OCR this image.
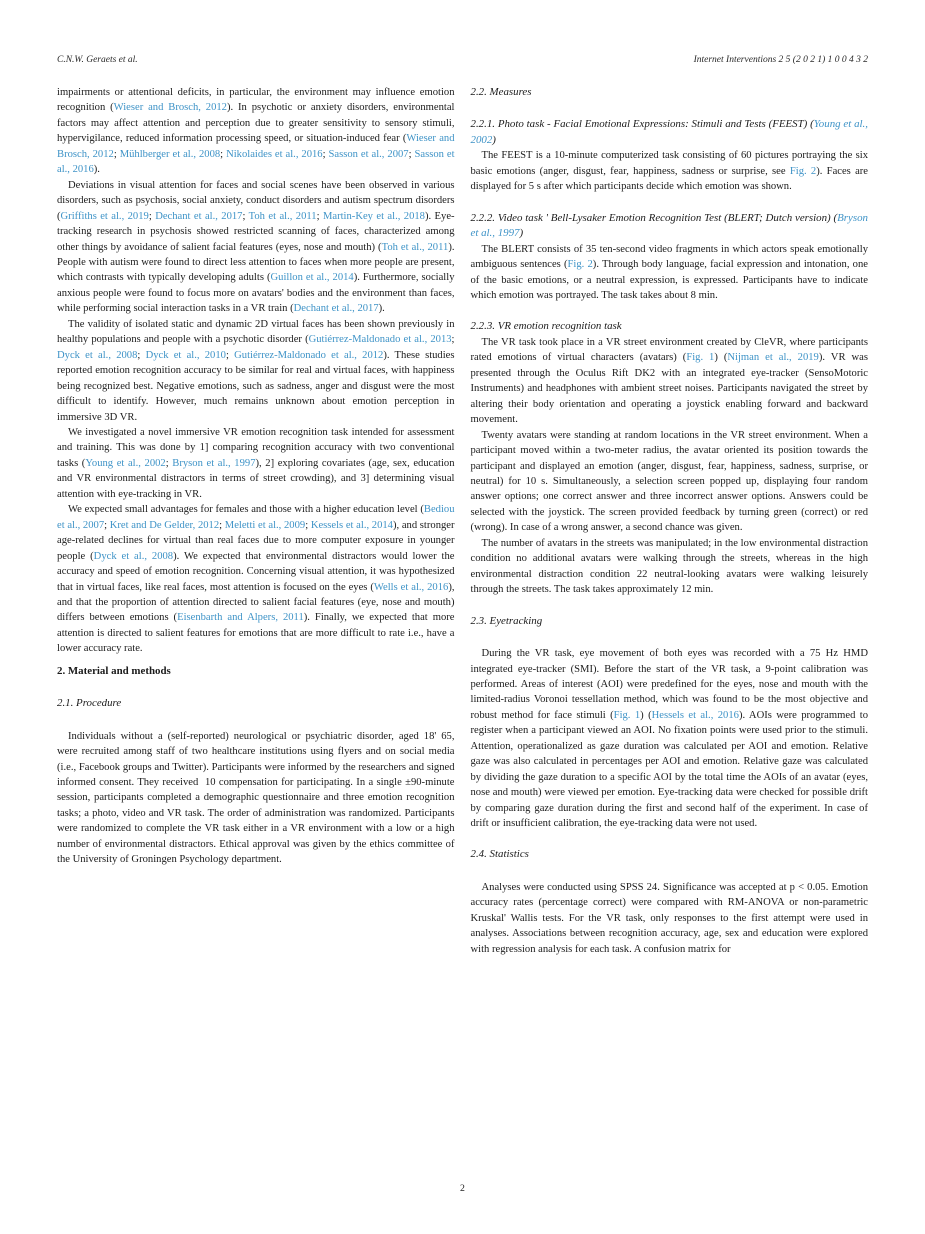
C.N.W. Geraets et al.	Internet Interventions 2 5 (2 0 2 1) 1 0 0 4 3 2

impairments or attentional deficits, in particular, the environment may influence emotion recognition (Wieser and Brosch, 2012). In psychotic or anxiety disorders, environmental factors may affect attention and perception due to greater sensitivity to sensory stimuli, hypervigilance, reduced information processing speed, or situation-induced fear (Wieser and Brosch, 2012; Mühlberger et al., 2008; Nikolaides et al., 2016; Sasson et al., 2007; Sasson et al., 2016).

Deviations in visual attention for faces and social scenes have been observed in various disorders, such as psychosis, social anxiety, conduct disorders and autism spectrum disorders (Griffiths et al., 2019; Dechant et al., 2017; Toh et al., 2011; Martin-Key et al., 2018). Eye-tracking research in psychosis showed restricted scanning of faces, characterized among other things by avoidance of salient facial features (eyes, nose and mouth) (Toh et al., 2011). People with autism were found to direct less attention to faces when more people are present, which contrasts with typically developing adults (Guillon et al., 2014). Furthermore, socially anxious people were found to focus more on avatars' bodies and the environment than faces, while performing social interaction tasks in a VR train (Dechant et al., 2017).

The validity of isolated static and dynamic 2D virtual faces has been shown previously in healthy populations and people with a psychotic disorder (Gutiérrez-Maldonado et al., 2013; Dyck et al., 2008; Dyck et al., 2010; Gutiérrez-Maldonado et al., 2012). These studies reported emotion recognition accuracy to be similar for real and virtual faces, with happiness being recognized best. Negative emotions, such as sadness, anger and disgust were the most difficult to identify. However, much remains unknown about emotion perception in immersive 3D VR.

We investigated a novel immersive VR emotion recognition task intended for assessment and training. This was done by 1] comparing recognition accuracy with two conventional tasks (Young et al., 2002; Bryson et al., 1997), 2] exploring covariates (age, sex, education and VR environmental distractors in terms of street crowding), and 3] determining visual attention with eye-tracking in VR.

We expected small advantages for females and those with a higher education level (Bediou et al., 2007; Kret and De Gelder, 2012; Meletti et al., 2009; Kessels et al., 2014), and stronger age-related declines for virtual than real faces due to more computer exposure in younger people (Dyck et al., 2008). We expected that environmental distractors would lower the accuracy and speed of emotion recognition. Concerning visual attention, it was hypothesized that in virtual faces, like real faces, most attention is focused on the eyes (Wells et al., 2016), and that the proportion of attention directed to salient facial features (eye, nose and mouth) differs between emotions (Eisenbarth and Alpers, 2011). Finally, we expected that more attention is directed to salient features for emotions that are more difficult to rate i.e., have a lower accuracy rate.

2. Material and methods
2.1. Procedure

Individuals without a (self-reported) neurological or psychiatric disorder, aged 18' 65, were recruited among staff of two healthcare institutions using flyers and on social media (i.e., Facebook groups and Twitter). Participants were informed by the researchers and signed informed consent. They received  10 compensation for participating. In a single ±90-minute session, participants completed a demographic questionnaire and three emotion recognition tasks; a photo, video and VR task. The order of administration was randomized. Participants were randomized to complete the VR task either in a VR environment with a low or a high number of environmental distractors. Ethical approval was given by the ethics committee of the University of Groningen Psychology department.

2.2. Measures
2.2.1. Photo task - Facial Emotional Expressions: Stimuli and Tests (FEEST) (Young et al., 2002)

The FEEST is a 10-minute computerized task consisting of 60 pictures portraying the six basic emotions (anger, disgust, fear, happiness, sadness or surprise, see Fig. 2). Faces are displayed for 5 s after which participants decide which emotion was shown.

2.2.2. Video task ' Bell-Lysaker Emotion Recognition Test (BLERT; Dutch version) (Bryson et al., 1997)

The BLERT consists of 35 ten-second video fragments in which actors speak emotionally ambiguous sentences (Fig. 2). Through body language, facial expression and intonation, one of the basic emotions, or a neutral expression, is expressed. Participants have to indicate which emotion was portrayed. The task takes about 8 min.

2.2.3. VR emotion recognition task

The VR task took place in a VR street environment created by CleVR, where participants rated emotions of virtual characters (avatars) (Fig. 1) (Nijman et al., 2019). VR was presented through the Oculus Rift DK2 with an integrated eye-tracker (SensoMotoric Instruments) and headphones with ambient street noises. Participants navigated the street by altering their body orientation and operating a joystick enabling forward and backward movement.

Twenty avatars were standing at random locations in the VR street environment. When a participant moved within a two-meter radius, the avatar oriented its position towards the participant and displayed an emotion (anger, disgust, fear, happiness, sadness, surprise, or neutral) for 10 s. Simultaneously, a selection screen popped up, displaying four random answer options; one correct answer and three incorrect answer options. Answers could be selected with the joystick. The screen provided feedback by turning green (correct) or red (wrong). In case of a wrong answer, a second chance was given.

The number of avatars in the streets was manipulated; in the low environmental distraction condition no additional avatars were walking through the streets, whereas in the high environmental distraction condition 22 neutral-looking avatars were walking leisurely through the streets. The task takes approximately 12 min.

2.3. Eyetracking

During the VR task, eye movement of both eyes was recorded with a 75 Hz HMD integrated eye-tracker (SMI). Before the start of the VR task, a 9-point calibration was performed. Areas of interest (AOI) were predefined for the eyes, nose and mouth with the limited-radius Voronoi tessellation method, which was found to be the most objective and robust method for face stimuli (Fig. 1) (Hessels et al., 2016). AOIs were programmed to register when a participant viewed an AOI. No fixation points were used prior to the stimuli. Attention, operationalized as gaze duration was calculated per AOI and emotion. Relative gaze was also calculated in percentages per AOI and emotion. Relative gaze was calculated by dividing the gaze duration to a specific AOI by the total time the AOIs of an avatar (eyes, nose and mouth) were viewed per emotion. Eye-tracking data were checked for possible drift by comparing gaze duration during the first and second half of the experiment. In case of drift or insufficient calibration, the eye-tracking data were not used.

2.4. Statistics

Analyses were conducted using SPSS 24. Significance was accepted at p < 0.05. Emotion accuracy rates (percentage correct) were compared with RM-ANOVA or non-parametric Kruskal' Wallis tests. For the VR task, only responses to the first attempt were used in analyses. Associations between recognition accuracy, age, sex and education were explored with regression analysis for each task. A confusion matrix for

2
